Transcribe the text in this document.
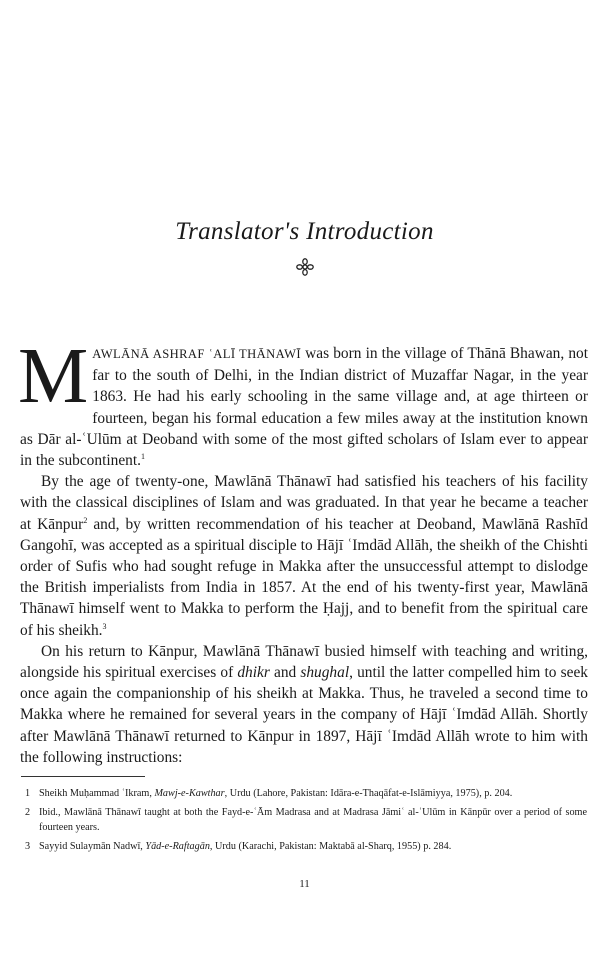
Translator's Introduction

MAWLĀNĀ ASHRAF ʿALĪ THĀNAWĪ was born in the village of Thānā Bhawan, not far to the south of Delhi, in the Indian district of Muzaffar Nagar, in the year 1863. He had his early schooling in the same village and, at age thirteen or fourteen, began his formal education a few miles away at the institution known as Dār al-ʿUlūm at Deoband with some of the most gifted scholars of Islam ever to appear in the subcontinent.$^1$

By the age of twenty-one, Mawlānā Thānawī had satisfied his teachers of his facility with the classical disciplines of Islam and was graduated. In that year he became a teacher at Kānpur$^2$ and, by written recommendation of his teacher at Deoband, Mawlānā Rashīd Gangohī, was accepted as a spiritual disciple to Hājī ʿImdād Allāh, the sheikh of the Chishti order of Sufis who had sought refuge in Makka after the unsuccessful attempt to dislodge the British imperialists from India in 1857. At the end of his twenty-first year, Mawlānā Thānawī himself went to Makka to perform the Ḥajj, and to benefit from the spiritual care of his sheikh.$^3$

On his return to Kānpur, Mawlānā Thānawī busied himself with teaching and writing, alongside his spiritual exercises of dhikr and shughal, until the latter compelled him to seek once again the companionship of his sheikh at Makka. Thus, he traveled a second time to Makka where he remained for several years in the company of Hājī ʿImdād Allāh. Shortly after Mawlānā Thānawī returned to Kānpur in 1897, Hājī ʿImdād Allāh wrote to him with the following instructions:

1 Sheikh Muḥammad ʿIkram, Mawj-e-Kawthar, Urdu (Lahore, Pakistan: Idāra-e-Thaqāfat-e-Islāmiyya, 1975), p. 204.

2 Ibid., Mawlānā Thānawī taught at both the Fayd-e-ʿĀm Madrasa and at Madrasa Jāmiʿ al-ʿUlūm in Kānpūr over a period of some fourteen years.

3 Sayyid Sulaymān Nadwī, Yād-e-Raftagān, Urdu (Karachi, Pakistan: Maktabā al-Sharq, 1955) p. 284.

11
